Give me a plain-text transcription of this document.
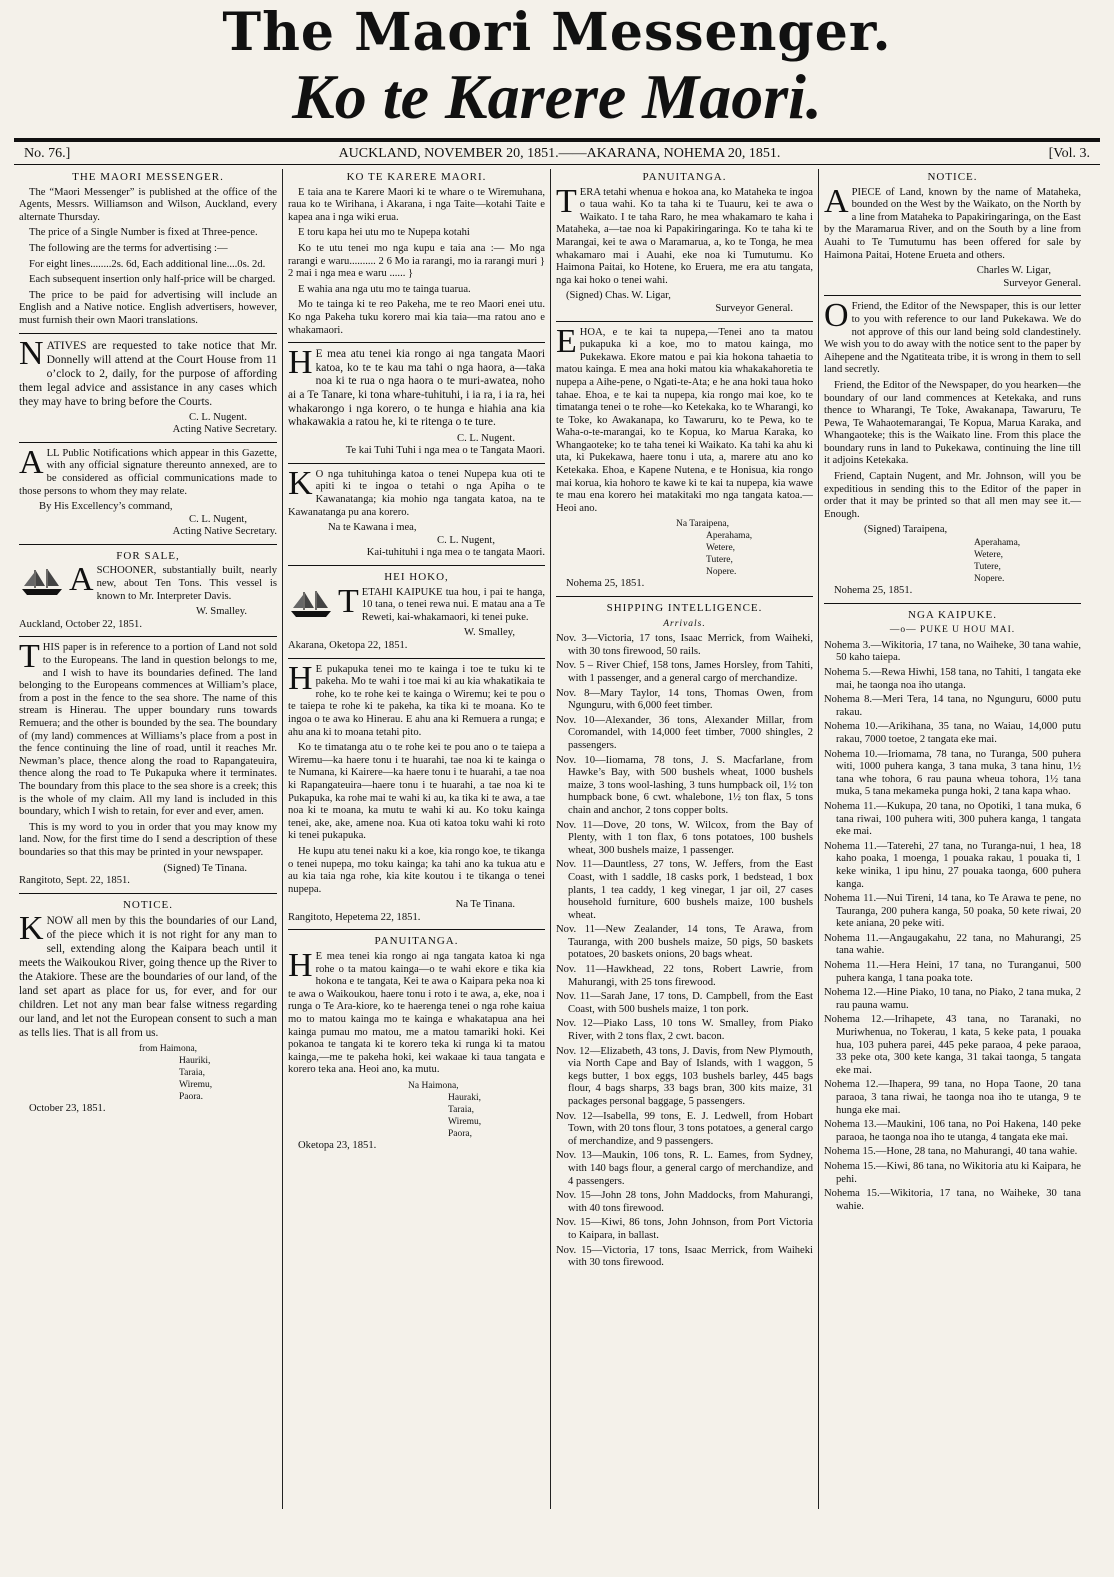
The Maori Messenger.
Ko te Karere Maori.
No. 76.]	AUCKLAND, NOVEMBER 20, 1851.——AKARANA, NOHEMA 20, 1851.	[Vol. 3.
THE MAORI MESSENGER.

The “Maori Messenger” is published at the office of the Agents, Messrs. Williamson and Wilson, Auckland, every alternate Thursday.

The price of a Single Number is fixed at Three-pence.

The following are the terms for advertising :—

For eight lines........2s. 6d, Each additional line....0s. 2d.

Each subsequent insertion only half-price will be charged.

The price to be paid for advertising will include an English and a Native notice. English advertisers, however, must furnish their own Maori translations.

NATIVES are requested to take notice that Mr. Donnelly will attend at the Court House from 11 o’clock to 2, daily, for the purpose of affording them legal advice and assistance in any cases which they may have to bring before the Courts.

C. L. Nugent.
Acting Native Secretary.

ALL Public Notifications which appear in this Gazette, with any official signature thereunto annexed, are to be considered as official communications made to those persons to whom they may relate.

By His Excellency’s command,
C. L. Nugent,
Acting Native Secretary.
FOR SALE,

ASCHOONER, substantially built, nearly new, about Ten Tons. This vessel is known to Mr. Interpreter Davis.

W. Smalley.
Auckland, October 22, 1851.

THIS paper is in reference to a portion of Land not sold to the Europeans. The land in question belongs to me, and I wish to have its boundaries defined. The land belonging to the Europeans commences at William’s place, from a post in the fence to the sea shore. The name of this stream is Hinerau. The upper boundary runs towards Remuera; and the other is bounded by the sea. The boundary of (my land) commences at Williams’s place from a post in the fence continuing the line of road, until it reaches Mr. Newman’s place, thence along the road to Rapangateuira, thence along the road to Te Pukapuka where it terminates. The boundary from this place to the sea shore is a creek; this is the whole of my claim. All my land is included in this boundary, which I wish to retain, for ever and ever, amen.

This is my word to you in order that you may know my land. Now, for the first time do I send a description of these boundaries so that this may be printed in your newspaper.

(Signed) Te Tinana.
Rangitoto, Sept. 22, 1851.
NOTICE.

KNOW all men by this the boundaries of our Land, of the piece which it is not right for any man to sell, extending along the Kaipara beach until it meets the Waikoukou River, going thence up the River to the Atakiore. These are the boundaries of our land, of the land set apart as place for us, for ever, and for our children. Let not any man bear false witness regarding our land, and let not the European consent to such a man as tells lies. That is all from us.

from Haimona,
Hauriki,
Taraia,
Wiremu,
Paora.
October 23, 1851.
KO TE KARERE MAORI.

E taia ana te Karere Maori ki te whare o te Wiremuhana, raua ko te Wirihana, i Akarana, i nga Taite—kotahi Taite e kapea ana i nga wiki erua.

E toru kapa hei utu mo te Nupepa kotahi

Ko te utu tenei mo nga kupu e taia ana :— Mo nga rarangi e waru.......... 2 6 Mo ia rarangi, mo ia rarangi muri } 2 mai i nga mea e waru ...... }

E wahia ana nga utu mo te tainga tuarua.

Mo te tainga ki te reo Pakeha, me te reo Maori enei utu. Ko nga Pakeha tuku korero mai kia taia—ma ratou ano e whakamaori.

H E mea atu tenei kia rongo ai nga tangata Maori katoa, ko te te kau ma tahi o nga haora, a—taka noa ki te rua o nga haora o te muri-awatea, noho ai a Te Tanare, ki tona whare-tuhituhi, i ia ra, i ia ra, hei whakarongo i nga korero, o te hunga e hiahia ana kia whakawakia a ratou he, ki te ritenga o te ture.

C. L. Nugent.
Te kai Tuhi Tuhi i nga mea o te Tangata Maori.

K O nga tuhituhinga katoa o tenei Nupepa kua oti te apiti ki te ingoa o tetahi o nga Apiha o te Kawanatanga; kia mohio nga tangata katoa, na te Kawanatanga pu ana korero.

Na te Kawana i mea,
C. L. Nugent,
Kai-tuhituhi i nga mea o te tangata Maori.
HEI HOKO,

TETAHI KAIPUKE tua hou, i pai te hanga, 10 tana, o tenei rewa nui. E matau ana a Te Reweti, kai-whakamaori, ki tenei puke.

W. Smalley,
Akarana, Oketopa 22, 1851.

H E pukapuka tenei mo te kainga i toe te tuku ki te pakeha. Mo te wahi i toe mai ki au kia whakatikaia te rohe, ko te rohe kei te kainga o Wiremu; kei te pou o te taiepa te rohe ki te pakeha, ka tika ki te moana. Ko te ingoa o te awa ko Hinerau. E ahu ana ki Remuera a runga; e ahu ana ki to moana tetahi pito.

Ko te timatanga atu o te rohe kei te pou ano o te taiepa a Wiremu—ka haere tonu i te huarahi, tae noa ki te kainga o te Numana, ki Kairere—ka haere tonu i te huarahi, a tae noa ki Rapangateuira—haere tonu i te huarahi, a tae noa ki te Pukapuka, ka rohe mai te wahi ki au, ka tika ki te awa, a tae noa ki te moana, ka mutu te wahi ki au. Ko toku kainga tenei, ake, ake, amene noa. Kua oti katoa toku wahi ki roto ki tenei pukapuka.

He kupu atu tenei naku ki a koe, kia rongo koe, te tikanga o tenei nupepa, mo toku kainga; ka tahi ano ka tukua atu e au kia taia nga rohe, kia kite koutou i te tikanga o tenei nupepa.

Na Te Tinana.
Rangitoto, Hepetema 22, 1851.
PANUITANGA.

H E mea tenei kia rongo ai nga tangata katoa ki nga rohe o ta matou kainga—o te wahi ekore e tika kia hokona e te tangata, Kei te awa o Kaipara peka noa ki te awa o Waikoukou, haere tonu i roto i te awa, a, eke, noa i runga o Te Ara-kiore, ko te haerenga tenei o nga rohe kaiua mo to matou kainga mo te kainga e whakatapua ana hei kainga pumau mo matou, me a matou tamariki hoki. Kei pokanoa te tangata ki te korero teka ki runga ki ta matou kainga,—me te pakeha hoki, kei wakaae ki taua tangata e korero teka ana. Heoi ano, ka mutu.

Na Haimona,
Hauraki,
Taraia,
Wiremu,
Paora,
Oketopa 23, 1851.
PANUITANGA.

TERA tetahi whenua e hokoa ana, ko Mataheka te ingoa o taua wahi. Ko ta taha ki te Tuauru, kei te awa o Waikato. I te taha Raro, he mea whakamaro te kaha i Mataheka, a—tae noa ki Papakiringaringa. Ko te taha ki te Marangai, kei te awa o Maramarua, a, ko te Tonga, he mea whakamaro mai i Auahi, eke noa ki Tumutumu. Ko Haimona Paitai, ko Hotene, ko Eruera, me era atu tangata, nga kai hoko o tenei wahi.

(Signed) Chas. W. Ligar,
Surveyor General.

EHOA, e te kai ta nupepa,—Tenei ano ta matou pukapuka ki a koe, mo to matou kainga, mo Pukekawa. Ekore matou e pai kia hokona tahaetia to matou kainga. E mea ana hoki matou kia whakakahoretia te nupepa a Aihe-pene, o Ngati-te-Ata; e he ana hoki taua hoko tahae. Ehoa, e te kai ta nupepa, kia rongo mai koe, ko te timatanga tenei o te rohe—ko Ketekaka, ko te Wharangi, ko te Toke, ko Awakanapa, ko Tawaruru, ko te Pewa, ko te Waha-o-te-marangai, ko te Kopua, ko Marua Karaka, ko Whangaoteke; ko te taha tenei ki Waikato. Ka tahi ka ahu ki uta, ki Pukekawa, haere tonu i uta, a, marere atu ano ko Ketekaka. Ehoa, e Kapene Nutena, e te Honisua, kia rongo mai korua, kia hohoro te kawe ki te kai ta nupepa, kia wawe te mau ena korero hei matakitaki mo nga tangata katoa.—Heoi ano.

Na Taraipena,
Aperahama,
Wetere,
Tutere,
Nopere.
Nohema 25, 1851.
SHIPPING INTELLIGENCE.
Arrivals.
Nov. 3—Victoria, 17 tons, Isaac Merrick, from Waiheki, with 30 tons firewood, 50 rails.
Nov. 5 – River Chief, 158 tons, James Horsley, from Tahiti, with 1 passenger, and a general cargo of merchandize.
Nov. 8—Mary Taylor, 14 tons, Thomas Owen, from Ngunguru, with 6,000 feet timber.
Nov. 10—Alexander, 36 tons, Alexander Millar, from Coromandel, with 14,000 feet timber, 7000 shingles, 2 passengers.
Nov. 10—Iiomama, 78 tons, J. S. Macfarlane, from Hawke’s Bay, with 500 bushels wheat, 1000 bushels maize, 3 tons wool-lashing, 3 tuns humpback oil, 1½ ton humpback bone, 6 cwt. whalebone, 1½ ton flax, 5 tons chain and anchor, 2 tons copper bolts.
Nov. 11—Dove, 20 tons, W. Wilcox, from the Bay of Plenty, with 1 ton flax, 6 tons potatoes, 100 bushels wheat, 300 bushels maize, 1 passenger.
Nov. 11—Dauntless, 27 tons, W. Jeffers, from the East Coast, with 1 saddle, 18 casks pork, 1 bedstead, 1 box plants, 1 tea caddy, 1 keg vinegar, 1 jar oil, 27 cases household furniture, 600 bushels maize, 100 bushels wheat.
Nov. 11—New Zealander, 14 tons, Te Arawa, from Tauranga, with 200 bushels maize, 50 pigs, 50 baskets potatoes, 20 baskets onions, 20 bags wheat.
Nov. 11—Hawkhead, 22 tons, Robert Lawrie, from Mahurangi, with 25 tons firewood.
Nov. 11—Sarah Jane, 17 tons, D. Campbell, from the East Coast, with 500 bushels maize, 1 ton pork.
Nov. 12—Piako Lass, 10 tons W. Smalley, from Piako River, with 2 tons flax, 2 cwt. bacon.
Nov. 12—Elizabeth, 43 tons, J. Davis, from New Plymouth, via North Cape and Bay of Islands, with 1 waggon, 5 kegs butter, 1 box eggs, 103 bushels barley, 445 bags flour, 4 bags sharps, 33 bags bran, 300 kits maize, 31 packages personal baggage, 5 passengers.
Nov. 12—Isabella, 99 tons, E. J. Ledwell, from Hobart Town, with 20 tons flour, 3 tons potatoes, a general cargo of merchandize, and 9 passengers.
Nov. 13—Maukin, 106 tons, R. L. Eames, from Sydney, with 140 bags flour, a general cargo of merchandize, and 4 passengers.
Nov. 15—John 28 tons, John Maddocks, from Mahurangi, with 40 tons firewood.
Nov. 15—Kiwi, 86 tons, John Johnson, from Port Victoria to Kaipara, in ballast.
Nov. 15—Victoria, 17 tons, Isaac Merrick, from Waiheki with 30 tons firewood.
NOTICE.

APIECE of Land, known by the name of Mataheka, bounded on the West by the Waikato, on the North by a line from Mataheka to Papakiringaringa, on the East by the Maramarua River, and on the South by a line from Auahi to Te Tumutumu has been offered for sale by Haimona Paitai, Hotene Erueta and others.

Charles W. Ligar,
Surveyor General.

O Friend, the Editor of the Newspaper, this is our letter to you with reference to our land Pukekawa. We do not approve of this our land being sold clandestinely. We wish you to do away with the notice sent to the paper by Aihepene and the Ngatiteata tribe, it is wrong in them to sell land secretly.

Friend, the Editor of the Newspaper, do you hearken—the boundary of our land commences at Ketekaka, and runs thence to Wharangi, Te Toke, Awakanapa, Tawaruru, Te Pewa, Te Wahaotemarangai, Te Kopua, Marua Karaka, and Whangaoteke; this is the Waikato line. From this place the boundary runs in land to Pukekawa, continuing the line till it adjoins Ketekaka.

Friend, Captain Nugent, and Mr. Johnson, will you be expeditious in sending this to the Editor of the paper in order that it may be printed so that all men may see it.—Enough.

(Signed) Taraipena,
Aperahama,
Wetere,
Tutere,
Nopere.
Nohema 25, 1851.
NGA KAIPUKE.
—o— PUKE U HOU MAI.
Nohema 3.—Wikitoria, 17 tana, no Waiheke, 30 tana wahie, 50 kaho taiepa.
Nohema 5.—Rewa Hiwhi, 158 tana, no Tahiti, 1 tangata eke mai, he taonga noa iho utanga.
Nohema 8.—Meri Tera, 14 tana, no Ngunguru, 6000 putu rakau.
Nohema 10.—Arikihana, 35 tana, no Waiau, 14,000 putu rakau, 7000 toetoe, 2 tangata eke mai.
Nohema 10.—Iriomama, 78 tana, no Turanga, 500 puhera witi, 1000 puhera kanga, 3 tana muka, 3 tana hinu, 1½ tana whe tohora, 6 rau pauna wheua tohora, 1½ tana muka, 5 tana mekameka punga hoki, 2 tana kapa whao.
Nohema 11.—Kukupa, 20 tana, no Opotiki, 1 tana muka, 6 tana riwai, 100 puhera witi, 300 puhera kanga, 1 tangata eke mai.
Nohema 11.—Taterehi, 27 tana, no Turanga-nui, 1 hea, 18 kaho poaka, 1 moenga, 1 pouaka rakau, 1 pouaka ti, 1 keke winika, 1 ipu hinu, 27 pouaka taonga, 600 puhera kanga.
Nohema 11.—Nui Tireni, 14 tana, ko Te Arawa te pene, no Tauranga, 200 puhera kanga, 50 poaka, 50 kete riwai, 20 kete aniana, 20 peke witi.
Nohema 11.—Angaugakahu, 22 tana, no Mahurangi, 25 tana wahie.
Nohema 11.—Hera Heini, 17 tana, no Turanganui, 500 puhera kanga, 1 tana poaka tote.
Nohema 12.—Hine Piako, 10 tana, no Piako, 2 tana muka, 2 rau pauna wamu.
Nohema 12.—Irihapete, 43 tana, no Taranaki, no Muriwhenua, no Tokerau, 1 kata, 5 keke pata, 1 pouaka hua, 103 puhera parei, 445 peke paraoa, 4 peke paraoa, 33 peke ota, 300 kete kanga, 31 takai taonga, 5 tangata eke mai.
Nohema 12.—Ihapera, 99 tana, no Hopa Taone, 20 tana paraoa, 3 tana riwai, he taonga noa iho te utanga, 9 te hunga eke mai.
Nohema 13.—Maukini, 106 tana, no Poi Hakena, 140 peke paraoa, he taonga noa iho te utanga, 4 tangata eke mai.
Nohema 15.—Hone, 28 tana, no Mahurangi, 40 tana wahie.
Nohema 15.—Kiwi, 86 tana, no Wikitoria atu ki Kaipara, he pehi.
Nohema 15.—Wikitoria, 17 tana, no Waiheke, 30 tana wahie.
